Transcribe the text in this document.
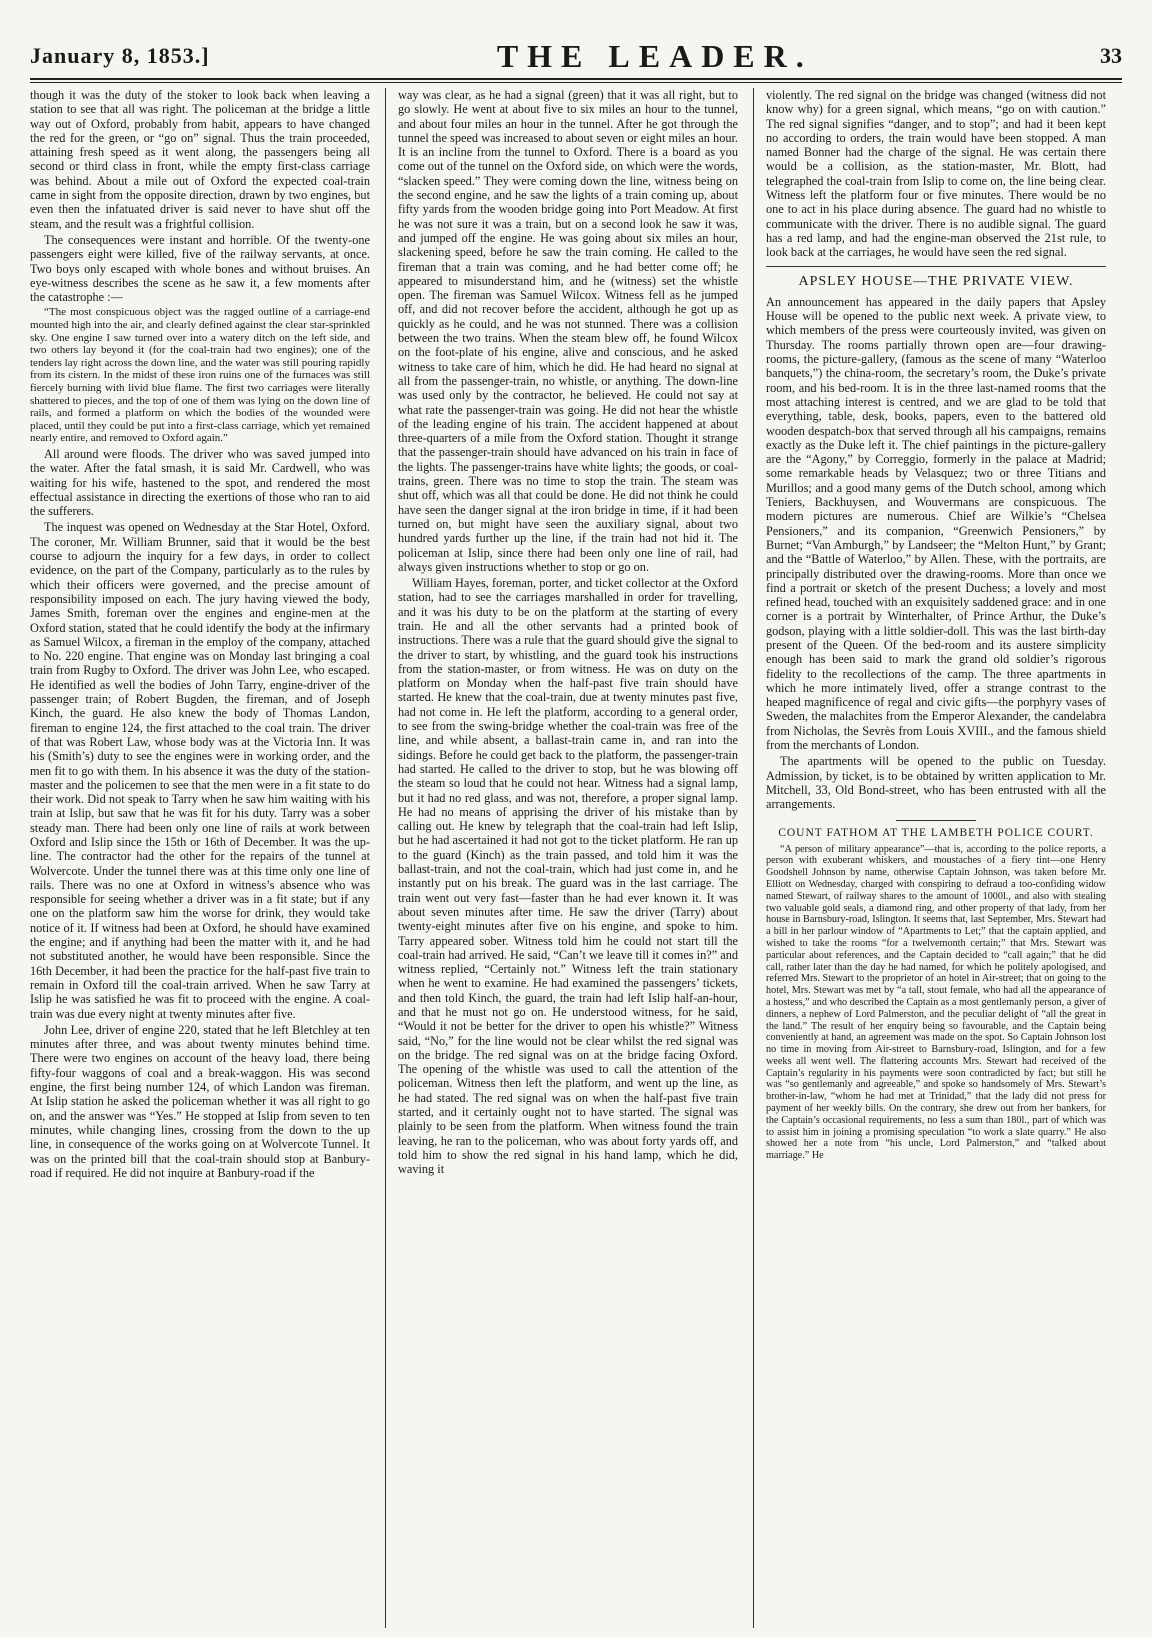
January 8, 1853.]	THE LEADER.	33

though it was the duty of the stoker to look back when leaving a station to see that all was right. The policeman at the bridge a little way out of Oxford, probably from habit, appears to have changed the red for the green, or “go on” signal. Thus the train proceeded, attaining fresh speed as it went along, the passengers being all second or third class in front, while the empty first-class carriage was behind. About a mile out of Oxford the expected coal-train came in sight from the opposite direction, drawn by two engines, but even then the infatuated driver is said never to have shut off the steam, and the result was a frightful collision.

The consequences were instant and horrible. Of the twenty-one passengers eight were killed, five of the railway servants, at once. Two boys only escaped with whole bones and without bruises. An eye-witness describes the scene as he saw it, a few moments after the catastrophe :—

“The most conspicuous object was the ragged outline of a carriage-end mounted high into the air, and clearly defined against the clear star-sprinkled sky. One engine I saw turned over into a watery ditch on the left side, and two others lay beyond it (for the coal-train had two engines); one of the tenders lay right across the down line, and the water was still pouring rapidly from its cistern. In the midst of these iron ruins one of the furnaces was still fiercely burning with livid blue flame. The first two carriages were literally shattered to pieces, and the top of one of them was lying on the down line of rails, and formed a platform on which the bodies of the wounded were placed, until they could be put into a first-class carriage, which yet remained nearly entire, and removed to Oxford again.”

All around were floods. The driver who was saved jumped into the water. After the fatal smash, it is said Mr. Cardwell, who was waiting for his wife, hastened to the spot, and rendered the most effectual assistance in directing the exertions of those who ran to aid the sufferers.

The inquest was opened on Wednesday at the Star Hotel, Oxford. The coroner, Mr. William Brunner, said that it would be the best course to adjourn the inquiry for a few days, in order to collect evidence, on the part of the Company, particularly as to the rules by which their officers were governed, and the precise amount of responsibility imposed on each. The jury having viewed the body, James Smith, foreman over the engines and engine-men at the Oxford station, stated that he could identify the body at the infirmary as Samuel Wilcox, a fireman in the employ of the company, attached to No. 220 engine. That engine was on Monday last bringing a coal train from Rugby to Oxford. The driver was John Lee, who escaped. He identified as well the bodies of John Tarry, engine-driver of the passenger train; of Robert Bugden, the fireman, and of Joseph Kinch, the guard. He also knew the body of Thomas Landon, fireman to engine 124, the first attached to the coal train. The driver of that was Robert Law, whose body was at the Victoria Inn. It was his (Smith’s) duty to see the engines were in working order, and the men fit to go with them. In his absence it was the duty of the station-master and the policemen to see that the men were in a fit state to do their work. Did not speak to Tarry when he saw him waiting with his train at Islip, but saw that he was fit for his duty. Tarry was a sober steady man. There had been only one line of rails at work between Oxford and Islip since the 15th or 16th of December. It was the up-line. The contractor had the other for the repairs of the tunnel at Wolvercote. Under the tunnel there was at this time only one line of rails. There was no one at Oxford in witness’s absence who was responsible for seeing whether a driver was in a fit state; but if any one on the platform saw him the worse for drink, they would take notice of it. If witness had been at Oxford, he should have examined the engine; and if anything had been the matter with it, and he had not substituted another, he would have been responsible. Since the 16th December, it had been the practice for the half-past five train to remain in Oxford till the coal-train arrived. When he saw Tarry at Islip he was satisfied he was fit to proceed with the engine. A coal-train was due every night at twenty minutes after five.

John Lee, driver of engine 220, stated that he left Bletchley at ten minutes after three, and was about twenty minutes behind time. There were two engines on account of the heavy load, there being fifty-four waggons of coal and a break-waggon. His was second engine, the first being number 124, of which Landon was fireman. At Islip station he asked the policeman whether it was all right to go on, and the answer was “Yes.” He stopped at Islip from seven to ten minutes, while changing lines, crossing from the down to the up line, in consequence of the works going on at Wolvercote Tunnel. It was on the printed bill that the coal-train should stop at Banbury-road if required. He did not inquire at Banbury-road if the

way was clear, as he had a signal (green) that it was all right, but to go slowly. He went at about five to six miles an hour to the tunnel, and about four miles an hour in the tunnel. After he got through the tunnel the speed was increased to about seven or eight miles an hour. It is an incline from the tunnel to Oxford. There is a board as you come out of the tunnel on the Oxford side, on which were the words, “slacken speed.” They were coming down the line, witness being on the second engine, and he saw the lights of a train coming up, about fifty yards from the wooden bridge going into Port Meadow. At first he was not sure it was a train, but on a second look he saw it was, and jumped off the engine. He was going about six miles an hour, slackening speed, before he saw the train coming. He called to the fireman that a train was coming, and he had better come off; he appeared to misunderstand him, and he (witness) set the whistle open. The fireman was Samuel Wilcox. Witness fell as he jumped off, and did not recover before the accident, although he got up as quickly as he could, and he was not stunned. There was a collision between the two trains. When the steam blew off, he found Wilcox on the foot-plate of his engine, alive and conscious, and he asked witness to take care of him, which he did. He had heard no signal at all from the passenger-train, no whistle, or anything. The down-line was used only by the contractor, he believed. He could not say at what rate the passenger-train was going. He did not hear the whistle of the leading engine of his train. The accident happened at about three-quarters of a mile from the Oxford station. Thought it strange that the passenger-train should have advanced on his train in face of the lights. The passenger-trains have white lights; the goods, or coal-trains, green. There was no time to stop the train. The steam was shut off, which was all that could be done. He did not think he could have seen the danger signal at the iron bridge in time, if it had been turned on, but might have seen the auxiliary signal, about two hundred yards further up the line, if the train had not hid it. The policeman at Islip, since there had been only one line of rail, had always given instructions whether to stop or go on.

William Hayes, foreman, porter, and ticket collector at the Oxford station, had to see the carriages marshalled in order for travelling, and it was his duty to be on the platform at the starting of every train. He and all the other servants had a printed book of instructions. There was a rule that the guard should give the signal to the driver to start, by whistling, and the guard took his instructions from the station-master, or from witness. He was on duty on the platform on Monday when the half-past five train should have started. He knew that the coal-train, due at twenty minutes past five, had not come in. He left the platform, according to a general order, to see from the swing-bridge whether the coal-train was free of the line, and while absent, a ballast-train came in, and ran into the sidings. Before he could get back to the platform, the passenger-train had started. He called to the driver to stop, but he was blowing off the steam so loud that he could not hear. Witness had a signal lamp, but it had no red glass, and was not, therefore, a proper signal lamp. He had no means of apprising the driver of his mistake than by calling out. He knew by telegraph that the coal-train had left Islip, but he had ascertained it had not got to the ticket platform. He ran up to the guard (Kinch) as the train passed, and told him it was the ballast-train, and not the coal-train, which had just come in, and he instantly put on his break. The guard was in the last carriage. The train went out very fast—faster than he had ever known it. It was about seven minutes after time. He saw the driver (Tarry) about twenty-eight minutes after five on his engine, and spoke to him. Tarry appeared sober. Witness told him he could not start till the coal-train had arrived. He said, “Can’t we leave till it comes in?” and witness replied, “Certainly not.” Witness left the train stationary when he went to examine. He had examined the passengers’ tickets, and then told Kinch, the guard, the train had left Islip half-an-hour, and that he must not go on. He understood witness, for he said, “Would it not be better for the driver to open his whistle?” Witness said, “No,” for the line would not be clear whilst the red signal was on the bridge. The red signal was on at the bridge facing Oxford. The opening of the whistle was used to call the attention of the policeman. Witness then left the platform, and went up the line, as he had stated. The red signal was on when the half-past five train started, and it certainly ought not to have started. The signal was plainly to be seen from the platform. When witness found the train leaving, he ran to the policeman, who was about forty yards off, and told him to show the red signal in his hand lamp, which he did, waving it

violently. The red signal on the bridge was changed (witness did not know why) for a green signal, which means, “go on with caution.” The red signal signifies “danger, and to stop”; and had it been kept no according to orders, the train would have been stopped. A man named Bonner had the charge of the signal. He was certain there would be a collision, as the station-master, Mr. Blott, had telegraphed the coal-train from Islip to come on, the line being clear. Witness left the platform four or five minutes. There would be no one to act in his place during absence. The guard had no whistle to communicate with the driver. There is no audible signal. The guard has a red lamp, and had the engine-man observed the 21st rule, to look back at the carriages, he would have seen the red signal.

APSLEY HOUSE—THE PRIVATE VIEW.

An announcement has appeared in the daily papers that Apsley House will be opened to the public next week. A private view, to which members of the press were courteously invited, was given on Thursday. The rooms partially thrown open are—four drawing-rooms, the picture-gallery, (famous as the scene of many “Waterloo banquets,”) the china-room, the secretary’s room, the Duke’s private room, and his bed-room. It is in the three last-named rooms that the most attaching interest is centred, and we are glad to be told that everything, table, desk, books, papers, even to the battered old wooden despatch-box that served through all his campaigns, remains exactly as the Duke left it. The chief paintings in the picture-gallery are the “Agony,” by Correggio, formerly in the palace at Madrid; some remarkable heads by Velasquez; two or three Titians and Murillos; and a good many gems of the Dutch school, among which Teniers, Backhuysen, and Wouvermans are conspicuous. The modern pictures are numerous. Chief are Wilkie’s “Chelsea Pensioners,” and its companion, “Greenwich Pensioners,” by Burnet; “Van Amburgh,” by Landseer; the “Melton Hunt,” by Grant; and the “Battle of Waterloo,” by Allen. These, with the portraits, are principally distributed over the drawing-rooms. More than once we find a portrait or sketch of the present Duchess; a lovely and most refined head, touched with an exquisitely saddened grace: and in one corner is a portrait by Winterhalter, of Prince Arthur, the Duke’s godson, playing with a little soldier-doll. This was the last birth-day present of the Queen. Of the bed-room and its austere simplicity enough has been said to mark the grand old soldier’s rigorous fidelity to the recollections of the camp. The three apartments in which he more intimately lived, offer a strange contrast to the heaped magnificence of regal and civic gifts—the porphyry vases of Sweden, the malachites from the Emperor Alexander, the candelabra from Nicholas, the Sevrès from Louis XVIII., and the famous shield from the merchants of London.

The apartments will be opened to the public on Tuesday. Admission, by ticket, is to be obtained by written application to Mr. Mitchell, 33, Old Bond-street, who has been entrusted with all the arrangements.

COUNT FATHOM AT THE LAMBETH POLICE COURT.

“A person of military appearance”—that is, according to the police reports, a person with exuberant whiskers, and moustaches of a fiery tint—one Henry Goodshell Johnson by name, otherwise Captain Johnson, was taken before Mr. Elliott on Wednesday, charged with conspiring to defraud a too-confiding widow named Stewart, of railway shares to the amount of 1000l., and also with stealing two valuable gold seals, a diamond ring, and other property of that lady, from her house in Barnsbury-road, Islington. It seems that, last September, Mrs. Stewart had a bill in her parlour window of “Apartments to Let;” that the captain applied, and wished to take the rooms “for a twelvemonth certain;” that Mrs. Stewart was particular about references, and the Captain decided to “call again;” that he did call, rather later than the day he had named, for which he politely apologised, and referred Mrs. Stewart to the proprietor of an hotel in Air-street; that on going to the hotel, Mrs. Stewart was met by “a tall, stout female, who had all the appearance of a hostess,” and who described the Captain as a most gentlemanly person, a giver of dinners, a nephew of Lord Palmerston, and the peculiar delight of “all the great in the land.” The result of her enquiry being so favourable, and the Captain being conveniently at hand, an agreement was made on the spot. So Captain Johnson lost no time in moving from Air-street to Barnsbury-road, Islington, and for a few weeks all went well. The flattering accounts Mrs. Stewart had received of the Captain’s regularity in his payments were soon contradicted by fact; but still he was “so gentlemanly and agreeable,” and spoke so handsomely of Mrs. Stewart’s brother-in-law, “whom he had met at Trinidad,” that the lady did not press for payment of her weekly bills. On the contrary, she drew out from her bankers, for the Captain’s occasional requirements, no less a sum than 180l., part of which was to assist him in joining a promising speculation “to work a slate quarry.” He also showed her a note from “his uncle, Lord Palmerston,” and “talked about marriage.” He
